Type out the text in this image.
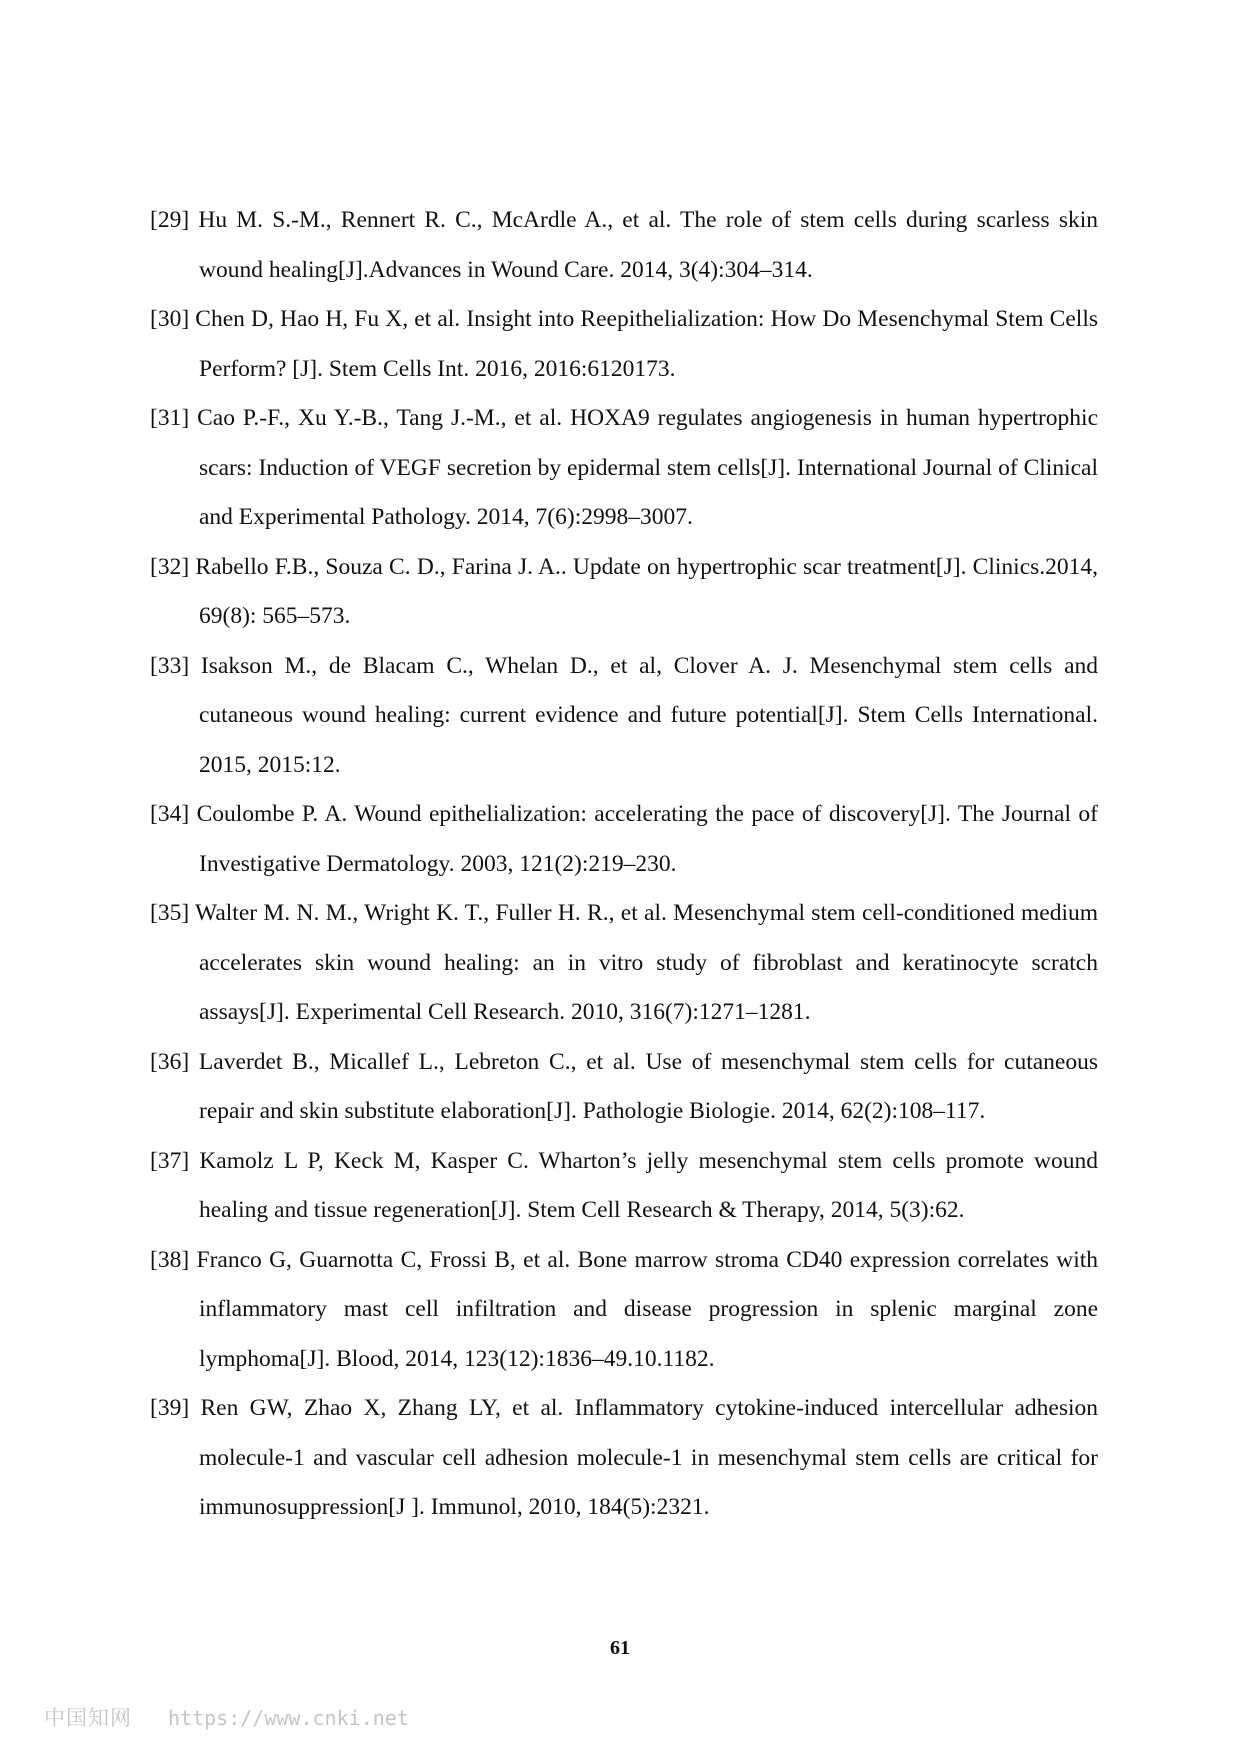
[29] Hu M. S.-M., Rennert R. C., McArdle A., et al. The role of stem cells during scarless skin wound healing[J].Advances in Wound Care. 2014, 3(4):304–314.

[30] Chen D, Hao H, Fu X, et al. Insight into Reepithelialization: How Do Mesenchymal Stem Cells Perform? [J]. Stem Cells Int. 2016, 2016:6120173.

[31] Cao P.-F., Xu Y.-B., Tang J.-M., et al. HOXA9 regulates angiogenesis in human hypertrophic scars: Induction of VEGF secretion by epidermal stem cells[J]. International Journal of Clinical and Experimental Pathology. 2014, 7(6):2998–3007.

[32] Rabello F.B., Souza C. D., Farina J. A.. Update on hypertrophic scar treatment[J]. Clinics.2014, 69(8): 565–573.

[33] Isakson M., de Blacam C., Whelan D., et al, Clover A. J. Mesenchymal stem cells and cutaneous wound healing: current evidence and future potential[J]. Stem Cells International. 2015, 2015:12.

[34] Coulombe P. A. Wound epithelialization: accelerating the pace of discovery[J]. The Journal of Investigative Dermatology. 2003, 121(2):219–230.

[35] Walter M. N. M., Wright K. T., Fuller H. R., et al. Mesenchymal stem cell-conditioned medium accelerates skin wound healing: an in vitro study of fibroblast and keratinocyte scratch assays[J]. Experimental Cell Research. 2010, 316(7):1271–1281.

[36] Laverdet B., Micallef L., Lebreton C., et al. Use of mesenchymal stem cells for cutaneous repair and skin substitute elaboration[J]. Pathologie Biologie. 2014, 62(2):108–117.

[37] Kamolz L P, Keck M, Kasper C. Wharton’s jelly mesenchymal stem cells promote wound healing and tissue regeneration[J]. Stem Cell Research & Therapy, 2014, 5(3):62.

[38] Franco G, Guarnotta C, Frossi B, et al. Bone marrow stroma CD40 expression correlates with inflammatory mast cell infiltration and disease progression in splenic marginal zone lymphoma[J]. Blood, 2014, 123(12):1836–49.10.1182.

[39] Ren GW, Zhao X, Zhang LY, et al. Inflammatory cytokine-induced intercellular adhesion molecule-1 and vascular cell adhesion molecule-1 in mesenchymal stem cells are critical for immunosuppression[J ]. Immunol, 2010, 184(5):2321.

61
中国知网 https://www.cnki.net
